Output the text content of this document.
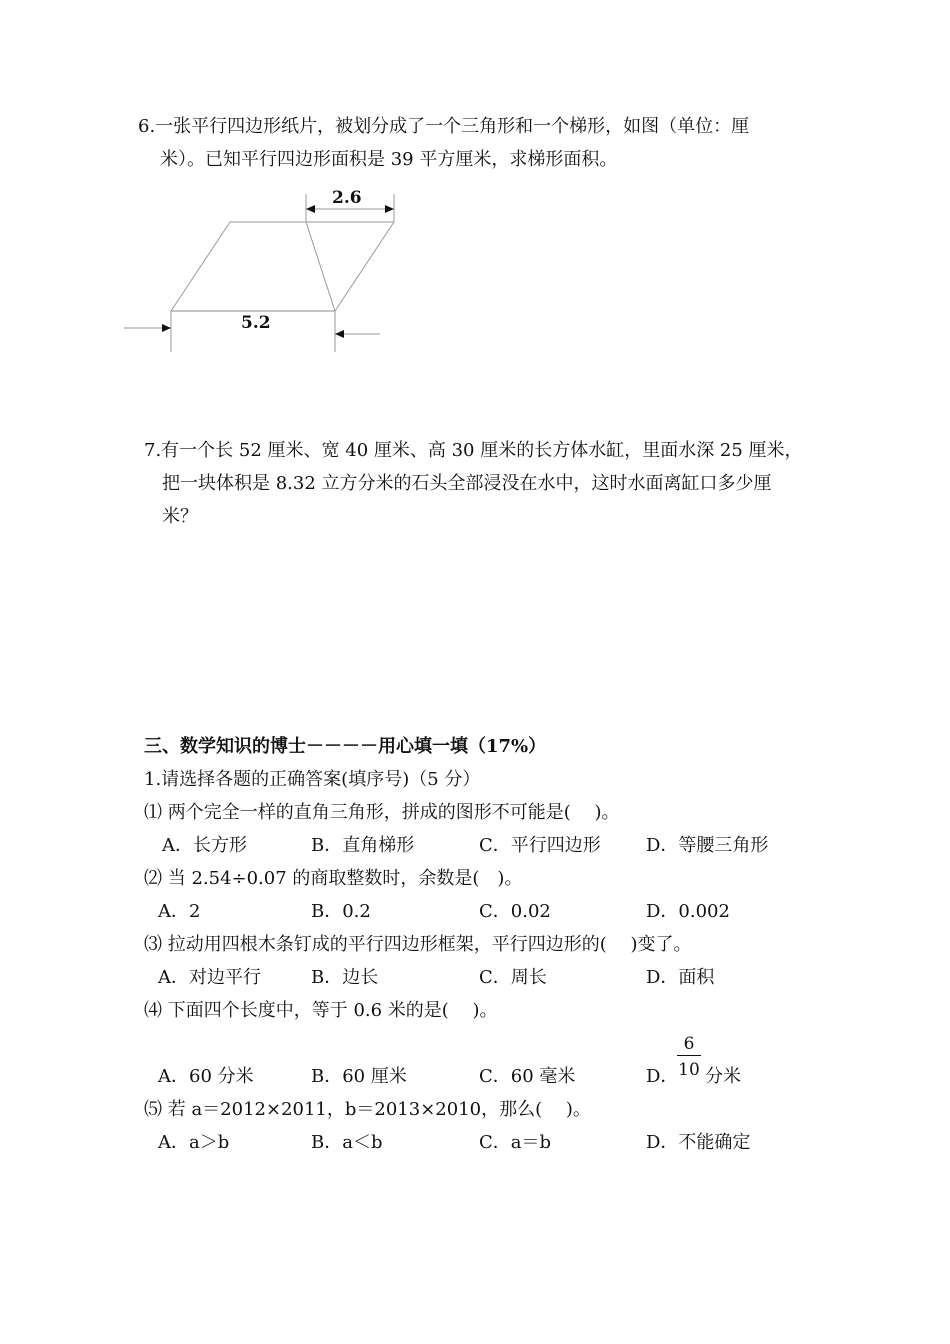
6.一张平行四边形纸片，被划分成了一个三角形和一个梯形，如图（单位：厘
米）。已知平行四边形面积是 39 平方厘米，求梯形面积。
2.6
5.2
7.有一个长 52 厘米、宽 40 厘米、高 30 厘米的长方体水缸，里面水深 25 厘米，
把一块体积是 8.32 立方分米的石头全部浸没在水中，这时水面离缸口多少厘
米？
三、数学知识的博士－－－－用心填一填（17%）
1.请选择各题的正确答案(填序号)（5 分）
⑴ 两个完全一样的直角三角形，拼成的图形不可能是(　 )。
A．长方形	B．直角梯形	C．平行四边形	D．等腰三角形
⑵ 当 2.54÷0.07 的商取整数时，余数是(　)。
A．2	B．0.2	C．0.02	D．0.002
⑶ 拉动用四根木条钉成的平行四边形框架，平行四边形的(　 )变了。
A．对边平行	B．边长	C．周长	D．面积
⑷ 下面四个长度中，等于 0.6 米的是(　 )。
A．60 分米	B．60 厘米	C．60 毫米	D．
6
10 分米
⑸ 若 a＝2012×2011，b＝2013×2010，那么(　 )。
A．a＞b	B．a＜b	C．a＝b	D．不能确定
